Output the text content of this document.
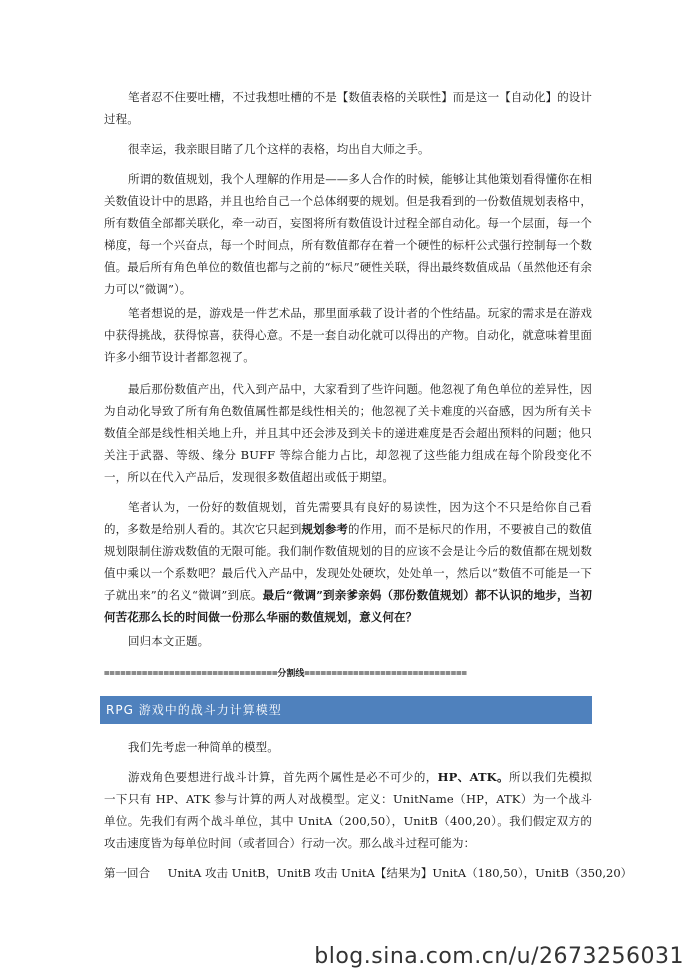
笔者忍不住要吐槽，不过我想吐槽的不是【数值表格的关联性】而是这一【自动化】的设计过程。

很幸运，我亲眼目睹了几个这样的表格，均出自大师之手。

所谓的数值规划，我个人理解的作用是——多人合作的时候，能够让其他策划看得懂你在相关数值设计中的思路，并且也给自己一个总体纲要的规划。但是我看到的一份数值规划表格中，所有数值全部都关联化，牵一动百，妄图将所有数值设计过程全部自动化。每一个层面，每一个梯度，每一个兴奋点，每一个时间点，所有数值都存在着一个硬性的标杆公式强行控制每一个数值。最后所有角色单位的数值也都与之前的“标尺”硬性关联，得出最终数值成品（虽然他还有余力可以“微调”）。

笔者想说的是，游戏是一件艺术品，那里面承载了设计者的个性结晶。玩家的需求是在游戏中获得挑战，获得惊喜，获得心意。不是一套自动化就可以得出的产物。自动化，就意味着里面许多小细节设计者都忽视了。

最后那份数值产出，代入到产品中，大家看到了些许问题。他忽视了角色单位的差异性，因为自动化导致了所有角色数值属性都是线性相关的；他忽视了关卡难度的兴奋感，因为所有关卡数值全部是线性相关地上升，并且其中还会涉及到关卡的递进难度是否会超出预料的问题；他只关注于武器、等级、缘分 BUFF 等综合能力占比，却忽视了这些能力组成在每个阶段变化不一，所以在代入产品后，发现很多数值超出或低于期望。

笔者认为，一份好的数值规划，首先需要具有良好的易读性，因为这个不只是给你自己看的，多数是给别人看的。其次它只起到规划参考的作用，而不是标尺的作用，不要被自己的数值规划限制住游戏数值的无限可能。我们制作数值规划的目的应该不会是让今后的数值都在规划数值中乘以一个系数吧？最后代入产品中，发现处处硬坎，处处单一，然后以“数值不可能是一下子就出来”的名义“微调”到底。最后“微调”到亲爹亲妈（那份数值规划）都不认识的地步，当初何苦花那么长的时间做一份那么华丽的数值规划，意义何在？

回归本文正题。

================================分割线==============================
RPG 游戏中的战斗力计算模型

我们先考虑一种简单的模型。

游戏角色要想进行战斗计算，首先两个属性是必不可少的，HP、ATK。所以我们先模拟一下只有 HP、ATK 参与计算的两人对战模型。定义：UnitName（HP，ATK）为一个战斗单位。先我们有两个战斗单位，其中 UnitA（200,50），UnitB（400,20）。我们假定双方的攻击速度皆为每单位时间（或者回合）行动一次。那么战斗过程可能为：

第一回合 UnitA 攻击 UnitB，UnitB 攻击 UnitA【结果为】UnitA（180,50），UnitB（350,20）
blog.sina.com.cn/u/2673256031
